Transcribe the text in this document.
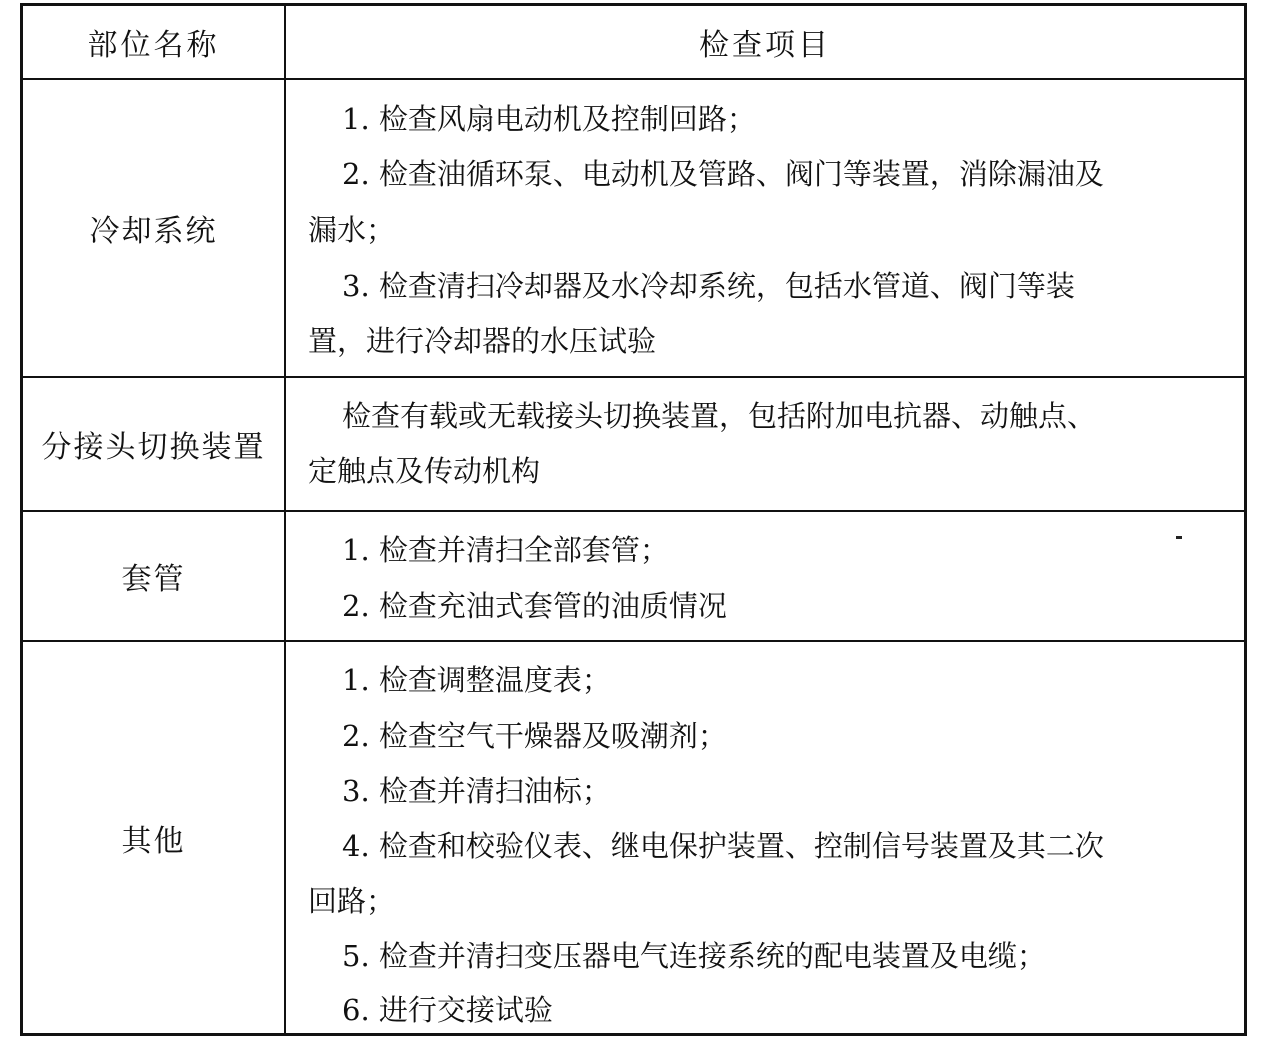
部位名称	检查项目
冷却系统
1. 检查风扇电动机及控制回路；
2. 检查油循环泵、电动机及管路、阀门等装置，消除漏油及
漏水；
3. 检查清扫冷却器及水冷却系统，包括水管道、阀门等装
置，进行冷却器的水压试验
分接头切换装置
检查有载或无载接头切换装置，包括附加电抗器、动触点、
定触点及传动机构
套管
1. 检查并清扫全部套管；
2. 检查充油式套管的油质情况
其他
1. 检查调整温度表；
2. 检查空气干燥器及吸潮剂；
3. 检查并清扫油标；
4. 检查和校验仪表、继电保护装置、控制信号装置及其二次
回路；
5. 检查并清扫变压器电气连接系统的配电装置及电缆；
6. 进行交接试验
